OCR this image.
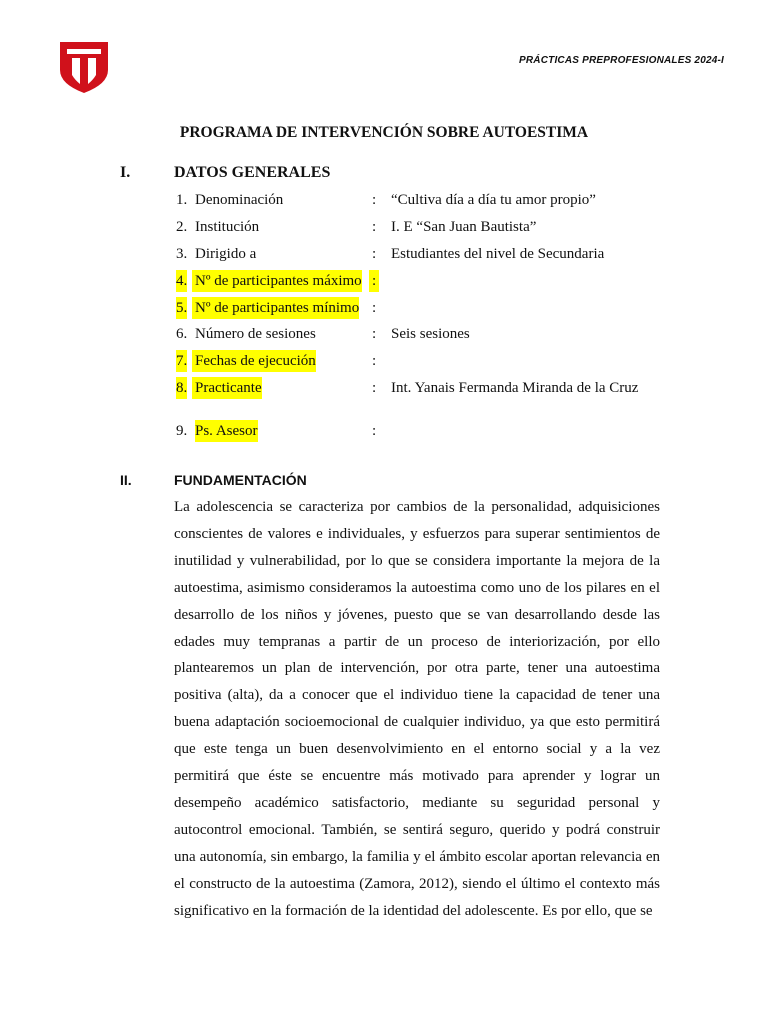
PRÁCTICAS PREPROFESIONALES 2024-I
PROGRAMA DE INTERVENCIÓN SOBRE AUTOESTIMA
I.	DATOS GENERALES
1. Denominación	: “Cultiva día a día tu amor propio”
2. Institución	: I. E “San Juan Bautista”
3. Dirigido a	: Estudiantes del nivel de Secundaria
4. Nº de participantes máximo :
5. Nº de participantes mínimo :
6. Número de sesiones	: Seis sesiones
7. Fechas de ejecución	:
8. Practicante	: Int. Yanais Fermanda Miranda de la Cruz
9. Ps. Asesor	:
II.	FUNDAMENTACIÓN

La adolescencia se caracteriza por cambios de la personalidad, adquisiciones conscientes de valores e individuales, y esfuerzos para superar sentimientos de inutilidad y vulnerabilidad, por lo que se considera importante la mejora de la autoestima, asimismo consideramos la autoestima como uno de los pilares en el desarrollo de los niños y jóvenes, puesto que se van desarrollando desde las edades muy tempranas a partir de un proceso de interiorización, por ello plantearemos un plan de intervención, por otra parte, tener una autoestima positiva (alta), da a conocer que el individuo tiene la capacidad de tener una buena adaptación socioemocional de cualquier individuo, ya que esto permitirá que este tenga un buen desenvolvimiento en el entorno social y a la vez permitirá que éste se encuentre más motivado para aprender y lograr un desempeño académico satisfactorio, mediante su seguridad personal y autocontrol emocional. También, se sentirá seguro, querido y podrá construir una autonomía, sin embargo, la familia y el ámbito escolar aportan relevancia en el constructo de la autoestima (Zamora, 2012), siendo el último el contexto más significativo en la formación de la identidad del adolescente. Es por ello, que se
